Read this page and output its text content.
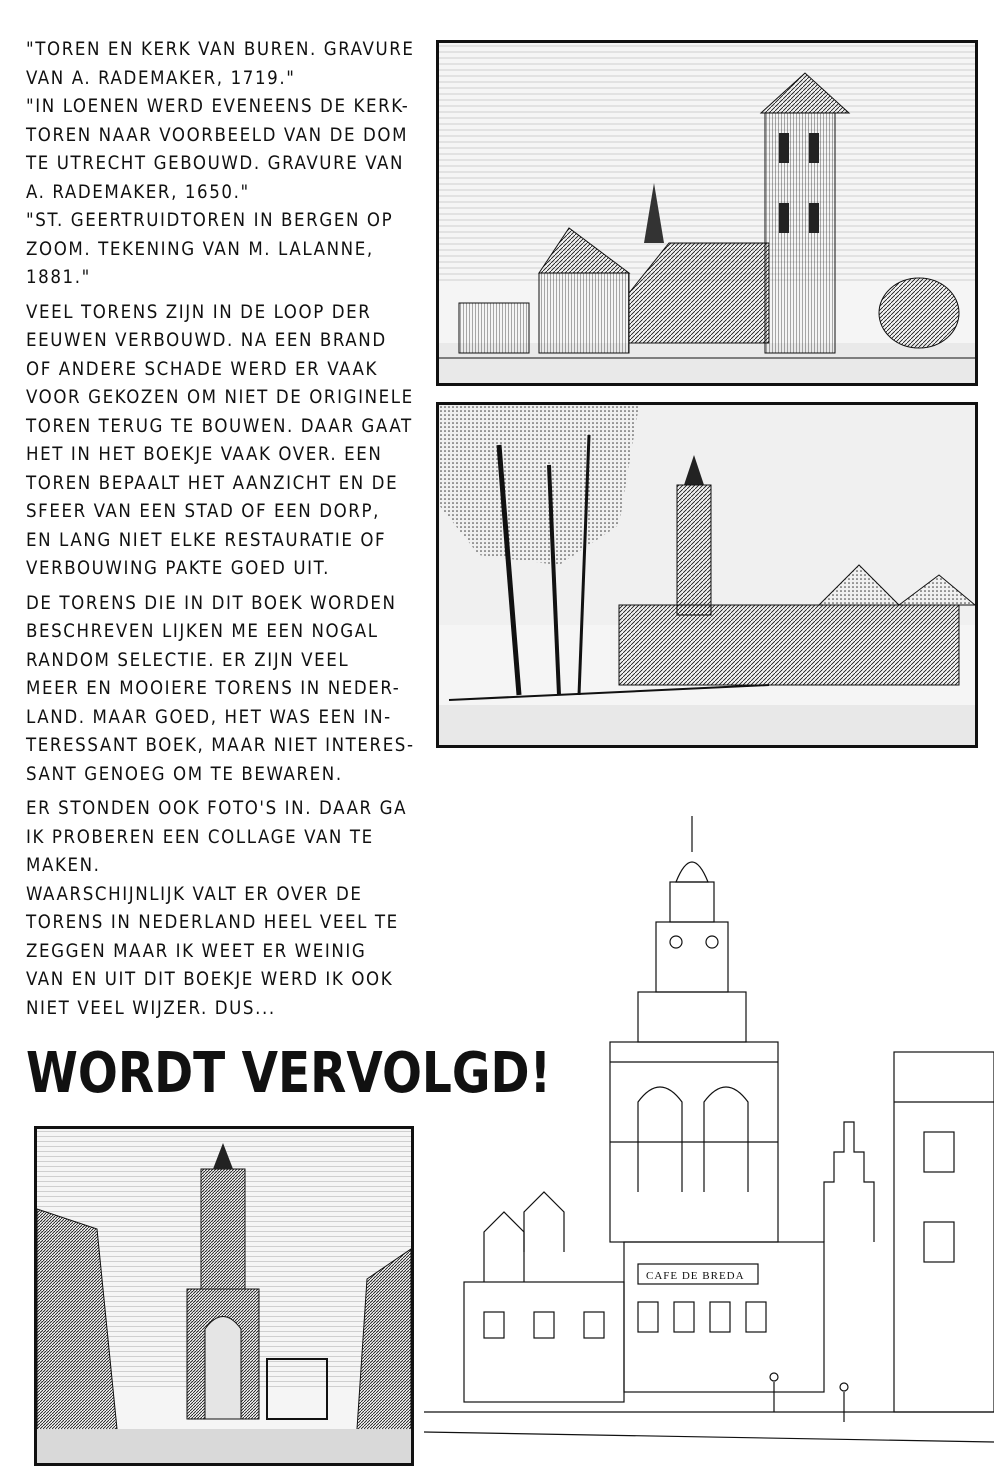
"TOREN EN KERK VAN BUREN. GRAVURE
VAN A. RADEMAKER, 1719."
"IN LOENEN WERD EVENEENS DE KERK-
TOREN NAAR VOORBEELD VAN DE DOM
TE UTRECHT GEBOUWD. GRAVURE VAN
A. RADEMAKER, 1650."
"ST. GEERTRUIDTOREN IN BERGEN OP
ZOOM. TEKENING VAN M. LALANNE,
1881."

VEEL TORENS ZIJN IN DE LOOP DER
EEUWEN VERBOUWD. NA EEN BRAND
OF ANDERE SCHADE WERD ER VAAK
VOOR GEKOZEN OM NIET DE ORIGINELE
TOREN TERUG TE BOUWEN. DAAR GAAT
HET IN HET BOEKJE VAAK OVER. EEN
TOREN BEPAALT HET AANZICHT EN DE
SFEER VAN EEN STAD OF EEN DORP,
EN LANG NIET ELKE RESTAURATIE OF
VERBOUWING PAKTE GOED UIT.

DE TORENS DIE IN DIT BOEK WORDEN
BESCHREVEN LIJKEN ME EEN NOGAL
RANDOM SELECTIE. ER ZIJN VEEL
MEER EN MOOIERE TORENS IN NEDER-
LAND. MAAR GOED, HET WAS EEN IN-
TERESSANT BOEK, MAAR NIET INTERES-
SANT GENOEG OM TE BEWAREN.

ER STONDEN OOK FOTO'S IN. DAAR GA
IK PROBEREN EEN COLLAGE VAN TE
MAKEN.

WAARSCHIJNLIJK VALT ER OVER DE
TORENS IN NEDERLAND HEEL VEEL TE
ZEGGEN MAAR IK WEET ER WEINIG
VAN EN UIT DIT BOEKJE WERD IK OOK
NIET VEEL WIJZER. DUS...

WORDT VERVOLGD!
CAFE DE BREDA
